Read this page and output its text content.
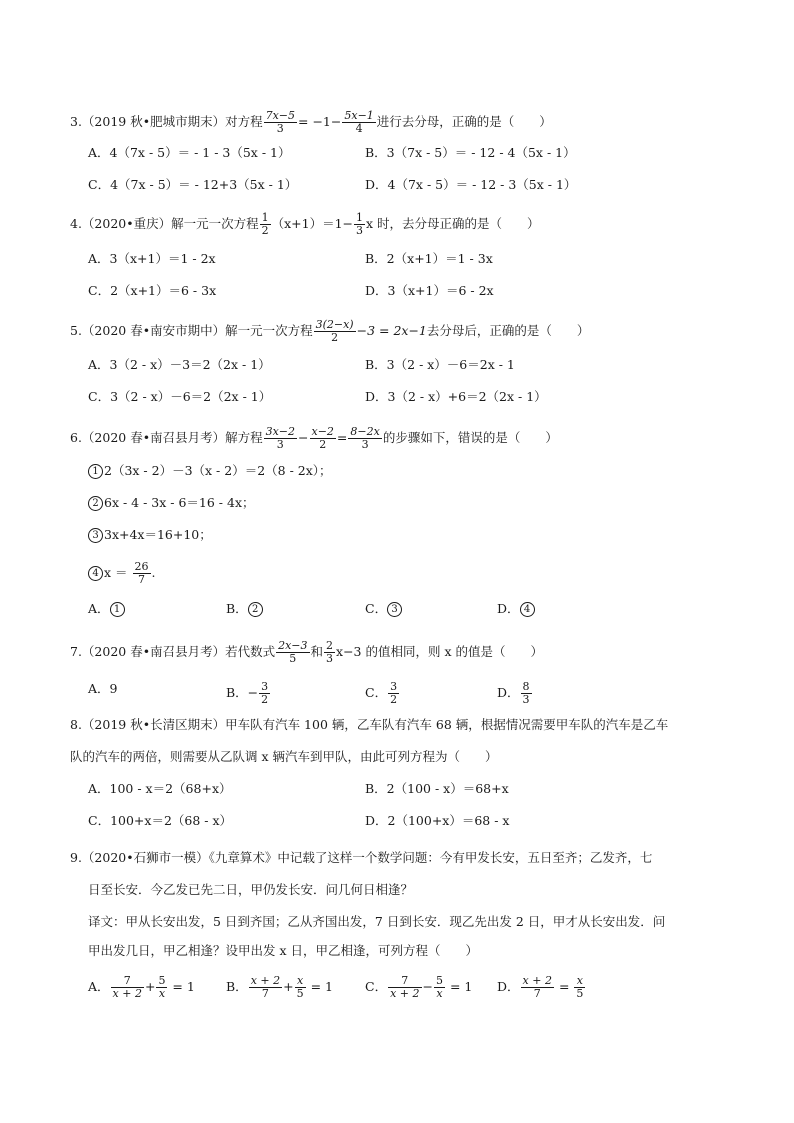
3.（2019 秋•肥城市期末）对方程 $\frac{7x-5}{3} = -1- \frac{5x-1}{4}$ 进行去分母，正确的是（　　）
A．4（7x - 5）＝ - 1 - 3（5x - 1）	B．3（7x - 5）＝ - 12 - 4（5x - 1）
C．4（7x - 5）＝ - 12+3（5x - 1）	D．4（7x - 5）＝ - 12 - 3（5x - 1）
4.（2020•重庆）解一元一次方程 $\frac{1}{2} (x+1)=1- \frac{1}{3}$ x 时，去分母正确的是（　　）
A．3（x+1）＝1 - 2x	B．2（x+1）＝1 - 3x
C．2（x+1）＝6 - 3x	D．3（x+1）＝6 - 2x
5.（2020 春•南安市期中）解一元一次方程 $\frac{3(2-x)}{2} -3 = 2x-1$去分母后，正确的是（　　）
A．3（2 - x）－3＝2（2x - 1）	B．3（2 - x）－6＝2x - 1
C．3（2 - x）－6＝2（2x - 1）	D．3（2 - x）+6＝2（2x - 1）
6.（2020 春•南召县月考）解方程 $\frac{3x-2}{3} - \frac{x-2}{2} = \frac{8-2x}{3}$ 的步骤如下，错误的是（　　）
1 2（3x - 2）－3（x - 2）＝2（8 - 2x）；
2 6x - 4 - 3x - 6＝16 - 4x；
3 3x+4x＝16+10；
4 $x = \frac{26}{7}$ .
A． 1	B． 2	C． 3	D． 4
7.（2020 春•南召县月考）若代数式 $\frac{2x-3}{5}$ 和 $\frac{2}{3} x-3$ 的值相同，则 x 的值是（　　）
A．9	B．− $\frac{3}{2}$	C． $\frac{3}{2}$	D． $\frac{8}{3}$
8.（2019 秋•长清区期末）甲车队有汽车 100 辆，乙车队有汽车 68 辆，根据情况需要甲车队的汽车是乙车
队的汽车的两倍，则需要从乙队调 x 辆汽车到甲队，由此可列方程为（　　）
A．100 - x＝2（68+x）	B．2（100 - x）＝68+x
C．100+x＝2（68 - x）	D．2（100+x）＝68 - x
9.（2020•石狮市一模）《九章算术》中记载了这样一个数学问题：今有甲发长安，五日至齐；乙发齐，七
日至长安．今乙发已先二日，甲仍发长安．问几何日相逢？
译文：甲从长安出发，5 日到齐国；乙从齐国出发，7 日到长安．现乙先出发 2 日，甲才从长安出发．问
甲出发几日，甲乙相逢？设甲出发 x 日，甲乙相逢，可列方程（　　）
A． $\frac{7}{x + 2} + \frac{5}{x} = 1$ B． $\frac{x + 2}{7} + \frac{x}{5} = 1$	C． $\frac{7}{x + 2} - \frac{5}{x} = 1$ D． $\frac{x + 2}{7} = \frac{x}{5}$
